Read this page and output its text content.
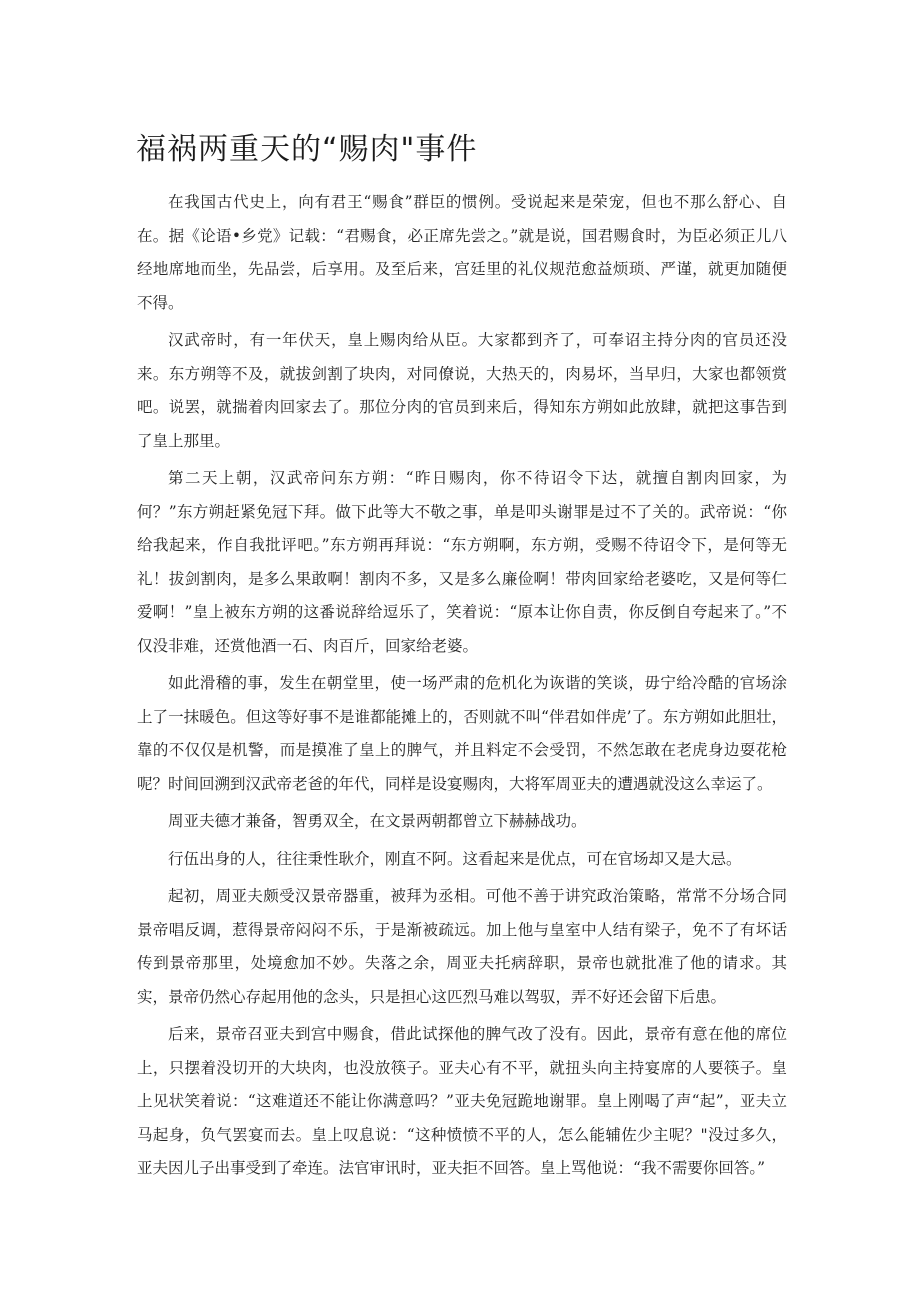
福祸两重天的“赐肉"事件

在我国古代史上，向有君王“赐食”群臣的惯例。受说起来是荣宠，但也不那么舒心、自在。据《论语•乡党》记载：“君赐食，必正席先尝之。”就是说，国君赐食时，为臣必须正儿八经地席地而坐，先品尝，后享用。及至后来，宫廷里的礼仪规范愈益烦琐、严谨，就更加随便不得。

汉武帝时，有一年伏天，皇上赐肉给从臣。大家都到齐了，可奉诏主持分肉的官员还没来。东方朔等不及，就拔剑割了块肉，对同僚说，大热天的，肉易坏，当早归，大家也都领赏吧。说罢，就揣着肉回家去了。那位分肉的官员到来后，得知东方朔如此放肆，就把这事告到了皇上那里。

第二天上朝，汉武帝问东方朔：“昨日赐肉，你不待诏令下达，就擅自割肉回家，为何？”东方朔赶紧免冠下拜。做下此等大不敬之事，单是叩头谢罪是过不了关的。武帝说：“你给我起来，作自我批评吧。”东方朔再拜说：“东方朔啊，东方朔，受赐不待诏令下，是何等无礼！拔剑割肉，是多么果敢啊！割肉不多，又是多么廉俭啊！带肉回家给老婆吃，又是何等仁爱啊！”皇上被东方朔的这番说辞给逗乐了，笑着说：“原本让你自责，你反倒自夸起来了。”不仅没非难，还赏他酒一石、肉百斤，回家给老婆。

如此滑稽的事，发生在朝堂里，使一场严肃的危机化为诙谐的笑谈，毋宁给冷酷的官场涂上了一抹暖色。但这等好事不是谁都能摊上的，否则就不叫“伴君如伴虎’了。东方朔如此胆壮，靠的不仅仅是机警，而是摸准了皇上的脾气，并且料定不会受罚，不然怎敢在老虎身边耍花枪呢？时间回溯到汉武帝老爸的年代，同样是设宴赐肉，大将军周亚夫的遭遇就没这么幸运了。

周亚夫德才兼备，智勇双全，在文景两朝都曾立下赫赫战功。

行伍出身的人，往往秉性耿介，刚直不阿。这看起来是优点，可在官场却又是大忌。

起初，周亚夫颇受汉景帝器重，被拜为丞相。可他不善于讲究政治策略，常常不分场合同景帝唱反调，惹得景帝闷闷不乐，于是渐被疏远。加上他与皇室中人结有梁子，免不了有坏话传到景帝那里，处境愈加不妙。失落之余，周亚夫托病辞职，景帝也就批准了他的请求。其实，景帝仍然心存起用他的念头，只是担心这匹烈马难以驾驭，弄不好还会留下后患。

后来，景帝召亚夫到宫中赐食，借此试探他的脾气改了没有。因此，景帝有意在他的席位上，只摆着没切开的大块肉，也没放筷子。亚夫心有不平，就扭头向主持宴席的人要筷子。皇上见状笑着说：“这难道还不能让你满意吗？”亚夫免冠跪地谢罪。皇上刚喝了声“起”，亚夫立马起身，负气罢宴而去。皇上叹息说：“这种愤愤不平的人，怎么能辅佐少主呢？"没过多久，亚夫因儿子出事受到了牵连。法官审讯时，亚夫拒不回答。皇上骂他说：“我不需要你回答。”
